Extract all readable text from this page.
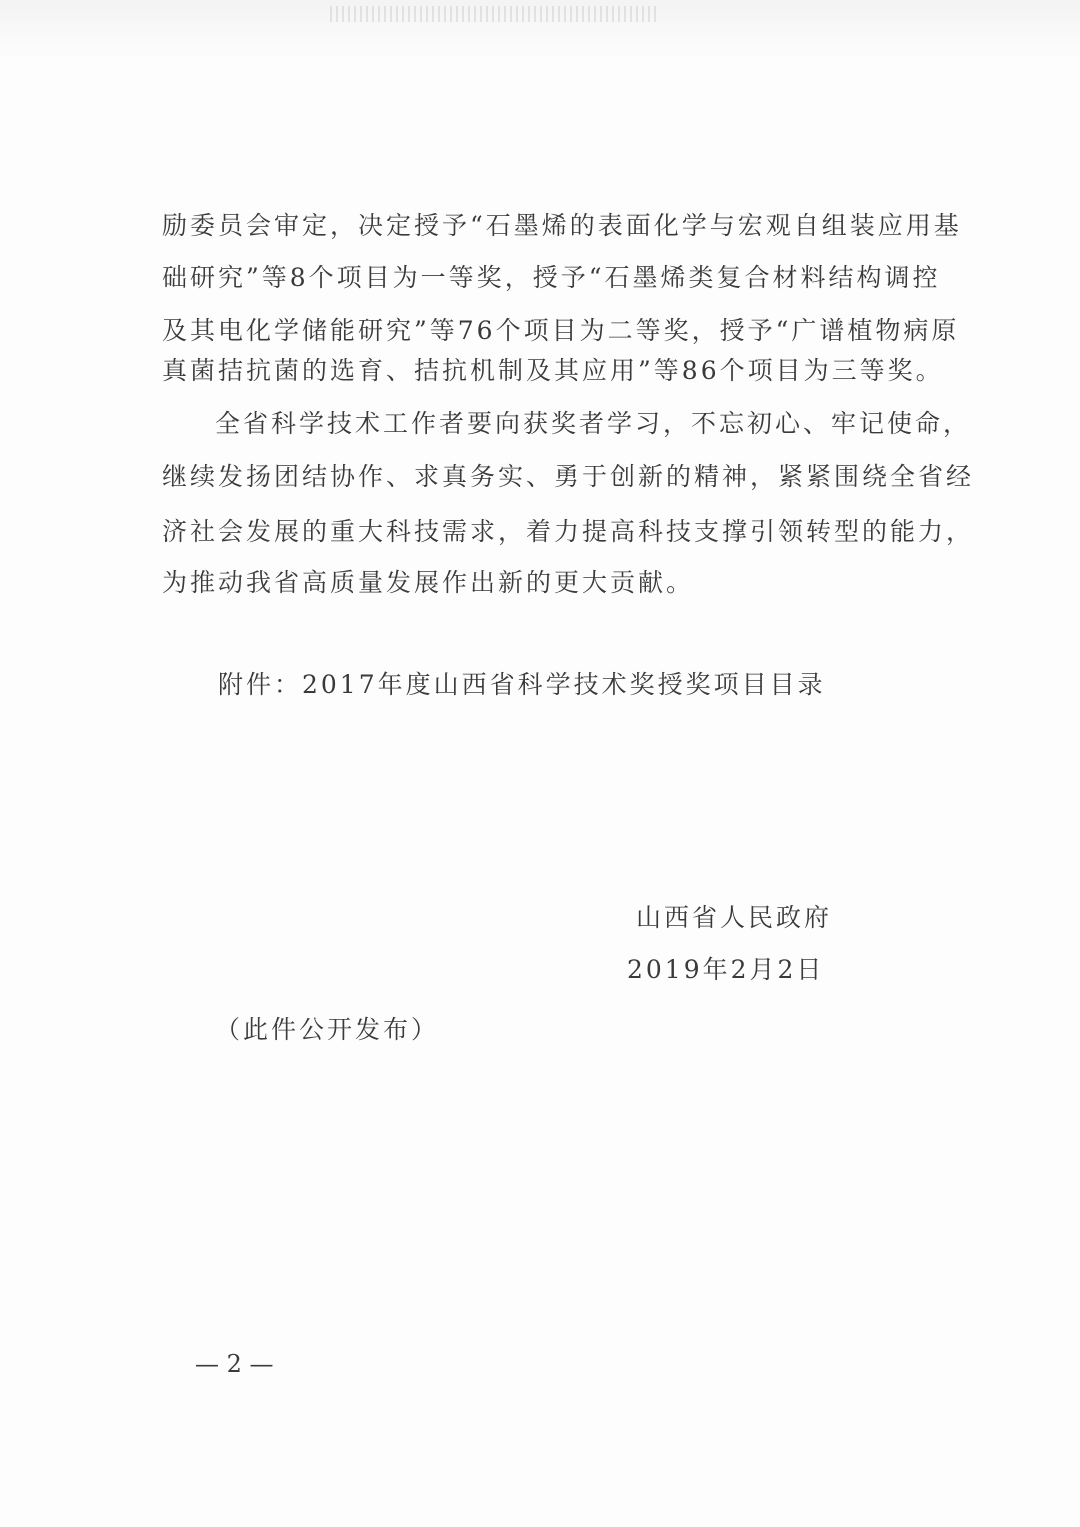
励委员会审定，决定授予“石墨烯的表面化学与宏观自组装应用基
础研究”等8个项目为一等奖，授予“石墨烯类复合材料结构调控
及其电化学储能研究”等76个项目为二等奖，授予“广谱植物病原
真菌拮抗菌的选育、拮抗机制及其应用”等86个项目为三等奖。
全省科学技术工作者要向获奖者学习，不忘初心、牢记使命，
继续发扬团结协作、求真务实、勇于创新的精神，紧紧围绕全省经
济社会发展的重大科技需求，着力提高科技支撑引领转型的能力，
为推动我省高质量发展作出新的更大贡献。
附件：2017年度山西省科学技术奖授奖项目目录
山西省人民政府
2019年2月2日
（此件公开发布）
— 2 —
